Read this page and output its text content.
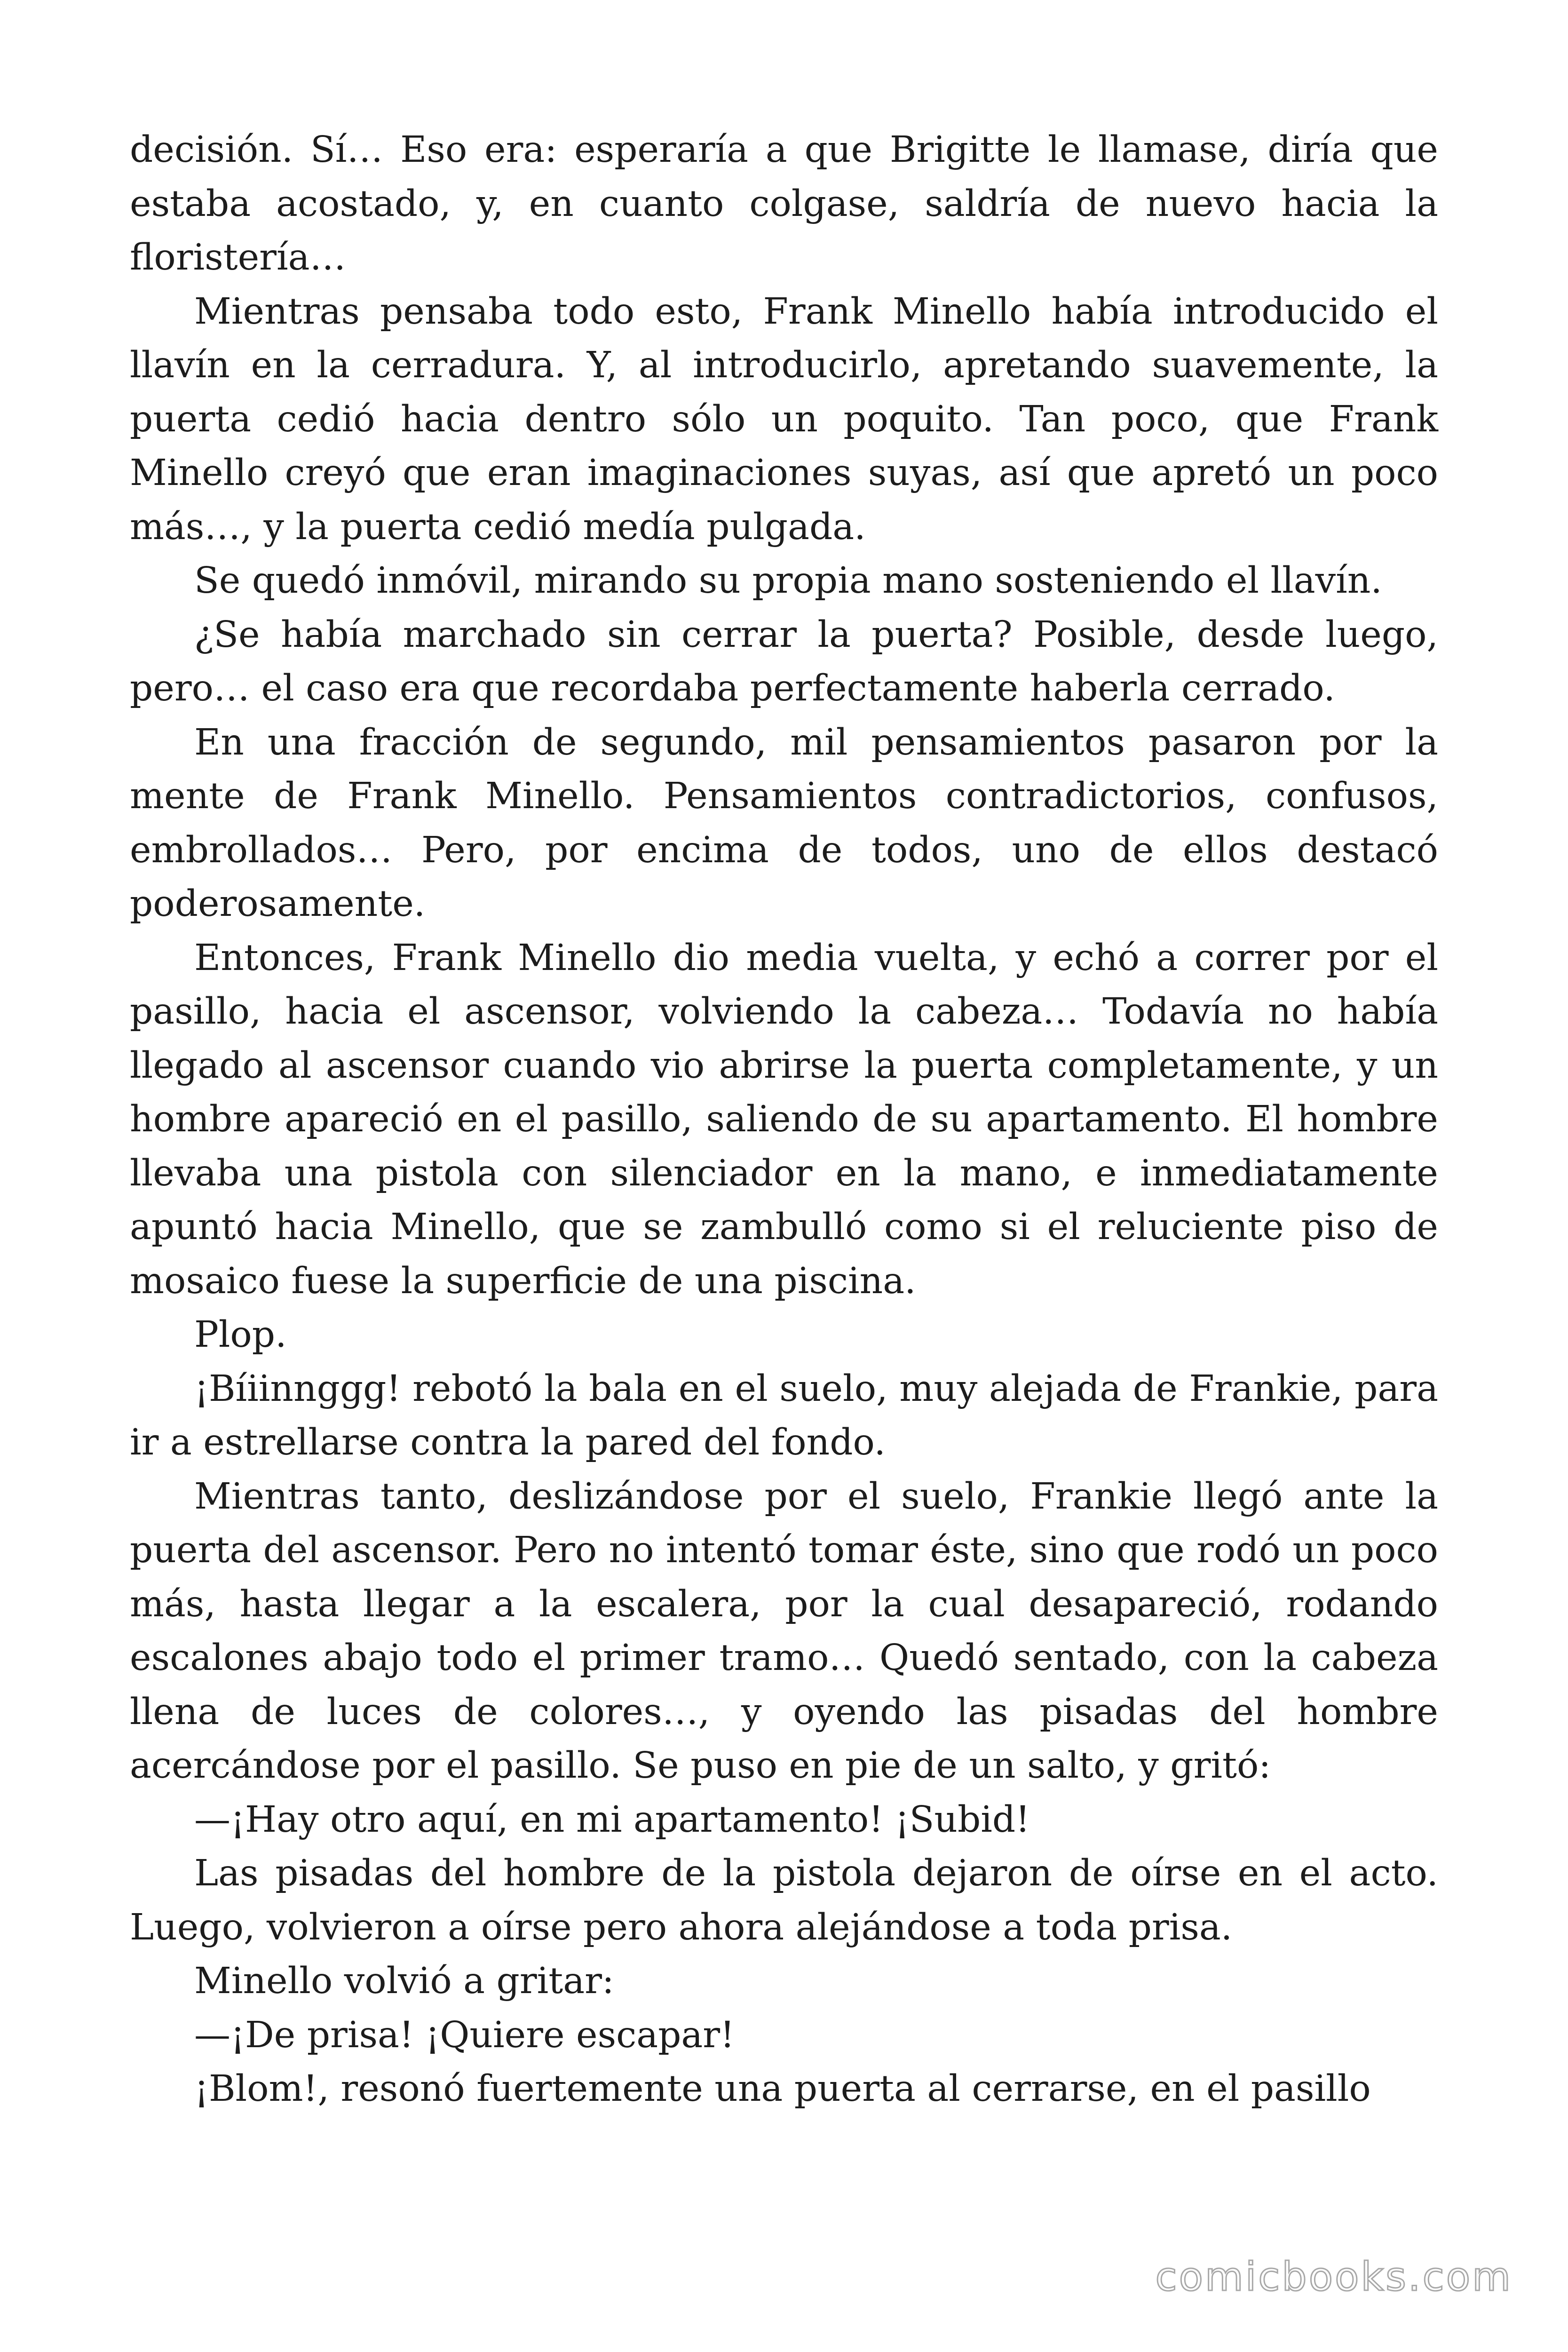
decisión. Sí… Eso era: esperaría a que Brigitte le llamase, diría que estaba acostado, y, en cuanto colgase, saldría de nuevo hacia la floristería…

Mientras pensaba todo esto, Frank Minello había introducido el llavín en la cerradura. Y, al introducirlo, apretando suavemente, la puerta cedió hacia dentro sólo un poquito. Tan poco, que Frank Minello creyó que eran imaginaciones suyas, así que apretó un poco más…, y la puerta cedió medía pulgada.

Se quedó inmóvil, mirando su propia mano sosteniendo el llavín.

¿Se había marchado sin cerrar la puerta? Posible, desde luego, pero… el caso era que recordaba perfectamente haberla cerrado.

En una fracción de segundo, mil pensamientos pasaron por la mente de Frank Minello. Pensamientos contradictorios, confusos, embrollados… Pero, por encima de todos, uno de ellos destacó poderosamente.

Entonces, Frank Minello dio media vuelta, y echó a correr por el pasillo, hacia el ascensor, volviendo la cabeza… Todavía no había llegado al ascensor cuando vio abrirse la puerta completamente, y un hombre apareció en el pasillo, saliendo de su apartamento. El hombre llevaba una pistola con silenciador en la mano, e inmediatamente apuntó hacia Minello, que se zambulló como si el reluciente piso de mosaico fuese la superficie de una piscina.

Plop.

¡Bíiinnggg! rebotó la bala en el suelo, muy alejada de Frankie, para ir a estrellarse contra la pared del fondo.

Mientras tanto, deslizándose por el suelo, Frankie llegó ante la puerta del ascensor. Pero no intentó tomar éste, sino que rodó un poco más, hasta llegar a la escalera, por la cual desapareció, rodando escalones abajo todo el primer tramo… Quedó sentado, con la cabeza llena de luces de colores…, y oyendo las pisadas del hombre acercándose por el pasillo. Se puso en pie de un salto, y gritó:

—¡Hay otro aquí, en mi apartamento! ¡Subid!

Las pisadas del hombre de la pistola dejaron de oírse en el acto. Luego, volvieron a oírse pero ahora alejándose a toda prisa.

Minello volvió a gritar:

—¡De prisa! ¡Quiere escapar!

¡Blom!, resonó fuertemente una puerta al cerrarse, en el pasillo

comicbooks.com
